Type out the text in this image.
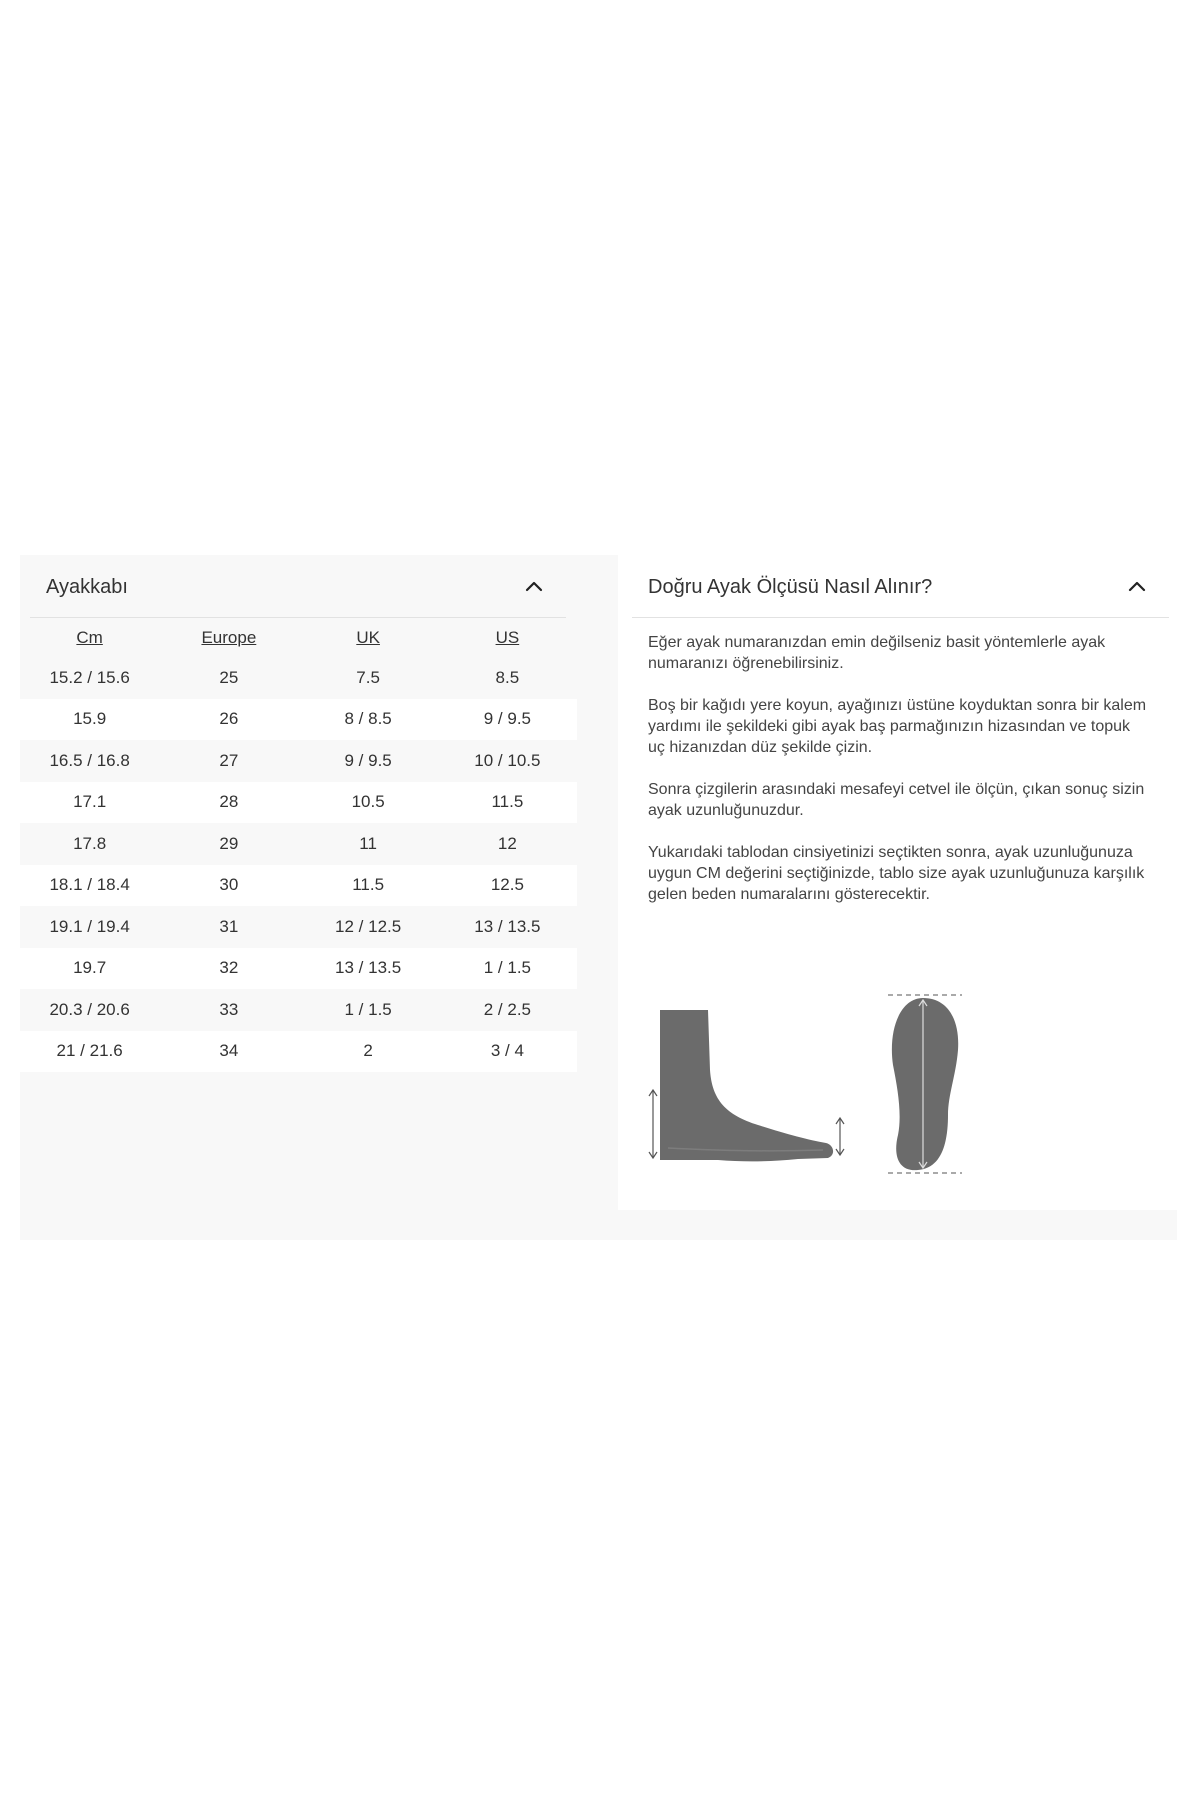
Ayakkabı
Cm	Europe	UK	US
15.2 / 15.6	25	7.5	8.5
15.9	26	8 / 8.5	9 / 9.5
16.5 / 16.8	27	9 / 9.5	10 / 10.5
17.1	28	10.5	11.5
17.8	29	11	12
18.1 / 18.4	30	11.5	12.5
19.1 / 19.4	31	12 / 12.5	13 / 13.5
19.7	32	13 / 13.5	1 / 1.5
20.3 / 20.6	33	1 / 1.5	2 / 2.5
21 / 21.6	34	2	3 / 4
Doğru Ayak Ölçüsü Nasıl Alınır?

Eğer ayak numaranızdan emin değilseniz basit yöntemlerle ayak numaranızı öğrenebilirsiniz.

Boş bir kağıdı yere koyun, ayağınızı üstüne koyduktan sonra bir kalem yardımı ile şekildeki gibi ayak baş parmağınızın hizasından ve topuk uç hizanızdan düz şekilde çizin.

Sonra çizgilerin arasındaki mesafeyi cetvel ile ölçün, çıkan sonuç sizin ayak uzunluğunuzdur.

Yukarıdaki tablodan cinsiyetinizi seçtikten sonra, ayak uzunluğunuza uygun CM değerini seçtiğinizde, tablo size ayak uzunluğunuza karşılık gelen beden numaralarını gösterecektir.
